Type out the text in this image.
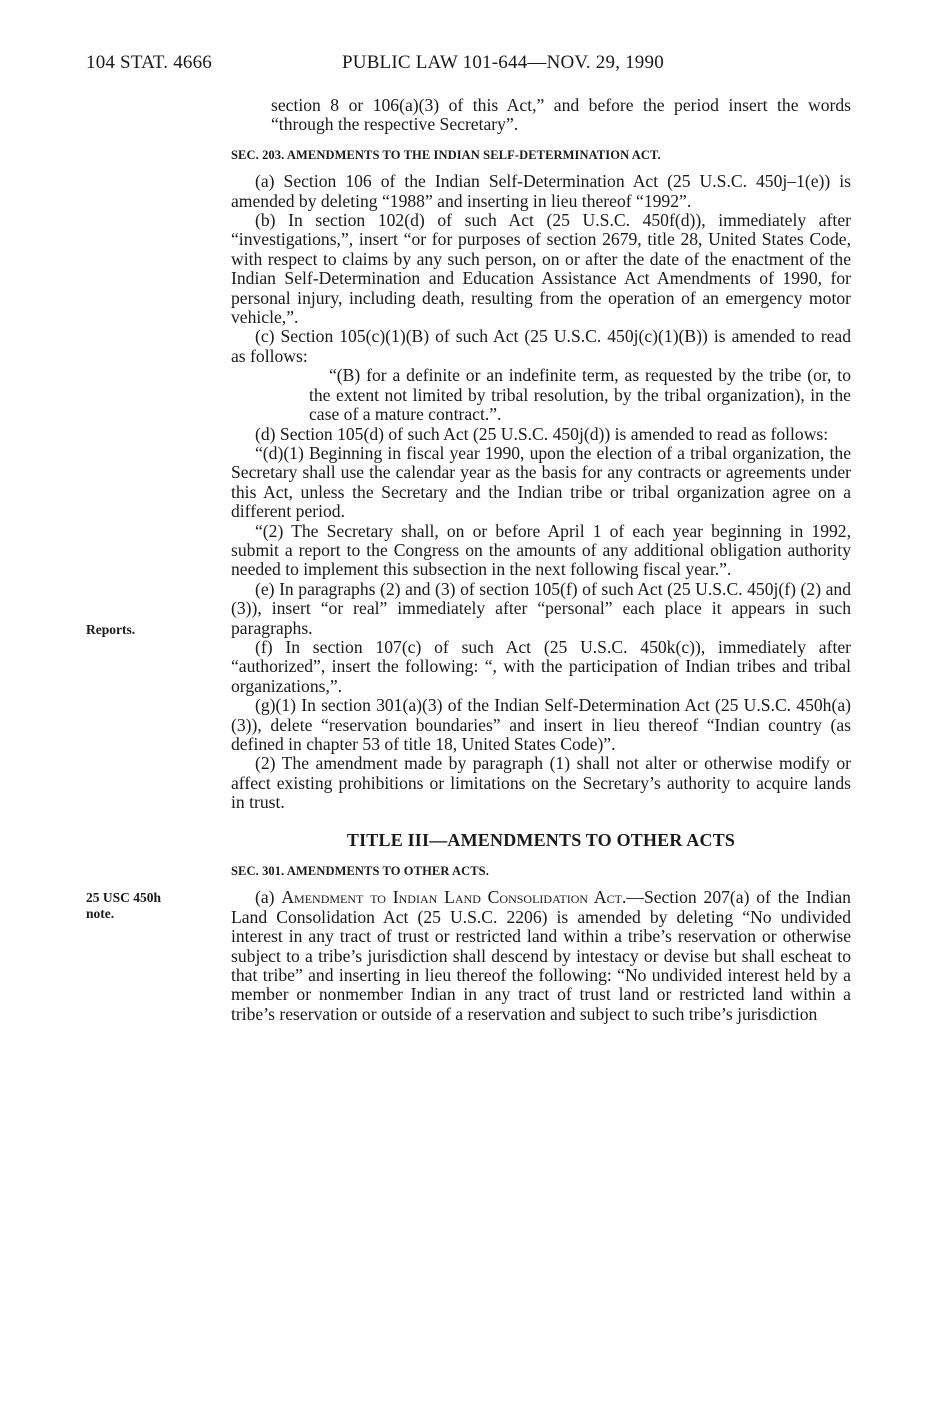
104 STAT. 4666	PUBLIC LAW 101-644—NOV. 29, 1990
Reports.
25 USC 450h
note.

section 8 or 106(a)(3) of this Act,” and before the period insert the words “through the respective Secretary”.

SEC. 203. AMENDMENTS TO THE INDIAN SELF-DETERMINATION ACT.

(a) Section 106 of the Indian Self-Determination Act (25 U.S.C. 450j–1(e)) is amended by deleting “1988” and inserting in lieu thereof “1992”.

(b) In section 102(d) of such Act (25 U.S.C. 450f(d)), immediately after “investigations,”, insert “or for purposes of section 2679, title 28, United States Code, with respect to claims by any such person, on or after the date of the enactment of the Indian Self-Determination and Education Assistance Act Amendments of 1990, for personal injury, including death, resulting from the operation of an emergency motor vehicle,”.

(c) Section 105(c)(1)(B) of such Act (25 U.S.C. 450j(c)(1)(B)) is amended to read as follows:

“(B) for a definite or an indefinite term, as requested by the tribe (or, to the extent not limited by tribal resolution, by the tribal organization), in the case of a mature contract.”.

(d) Section 105(d) of such Act (25 U.S.C. 450j(d)) is amended to read as follows:

“(d)(1) Beginning in fiscal year 1990, upon the election of a tribal organization, the Secretary shall use the calendar year as the basis for any contracts or agreements under this Act, unless the Secretary and the Indian tribe or tribal organization agree on a different period.

“(2) The Secretary shall, on or before April 1 of each year beginning in 1992, submit a report to the Congress on the amounts of any additional obligation authority needed to implement this subsection in the next following fiscal year.”.

(e) In paragraphs (2) and (3) of section 105(f) of such Act (25 U.S.C. 450j(f) (2) and (3)), insert “or real” immediately after “personal” each place it appears in such paragraphs.

(f) In section 107(c) of such Act (25 U.S.C. 450k(c)), immediately after “authorized”, insert the following: “, with the participation of Indian tribes and tribal organizations,”.

(g)(1) In section 301(a)(3) of the Indian Self-Determination Act (25 U.S.C. 450h(a)(3)), delete “reservation boundaries” and insert in lieu thereof “Indian country (as defined in chapter 53 of title 18, United States Code)”.

(2) The amendment made by paragraph (1) shall not alter or otherwise modify or affect existing prohibitions or limitations on the Secretary’s authority to acquire lands in trust.

TITLE III—AMENDMENTS TO OTHER ACTS

SEC. 301. AMENDMENTS TO OTHER ACTS.

(a) Amendment to Indian Land Consolidation Act.—Section 207(a) of the Indian Land Consolidation Act (25 U.S.C. 2206) is amended by deleting “No undivided interest in any tract of trust or restricted land within a tribe’s reservation or otherwise subject to a tribe’s jurisdiction shall descend by intestacy or devise but shall escheat to that tribe” and inserting in lieu thereof the following: “No undivided interest held by a member or nonmember Indian in any tract of trust land or restricted land within a tribe’s reservation or outside of a reservation and subject to such tribe’s jurisdiction
